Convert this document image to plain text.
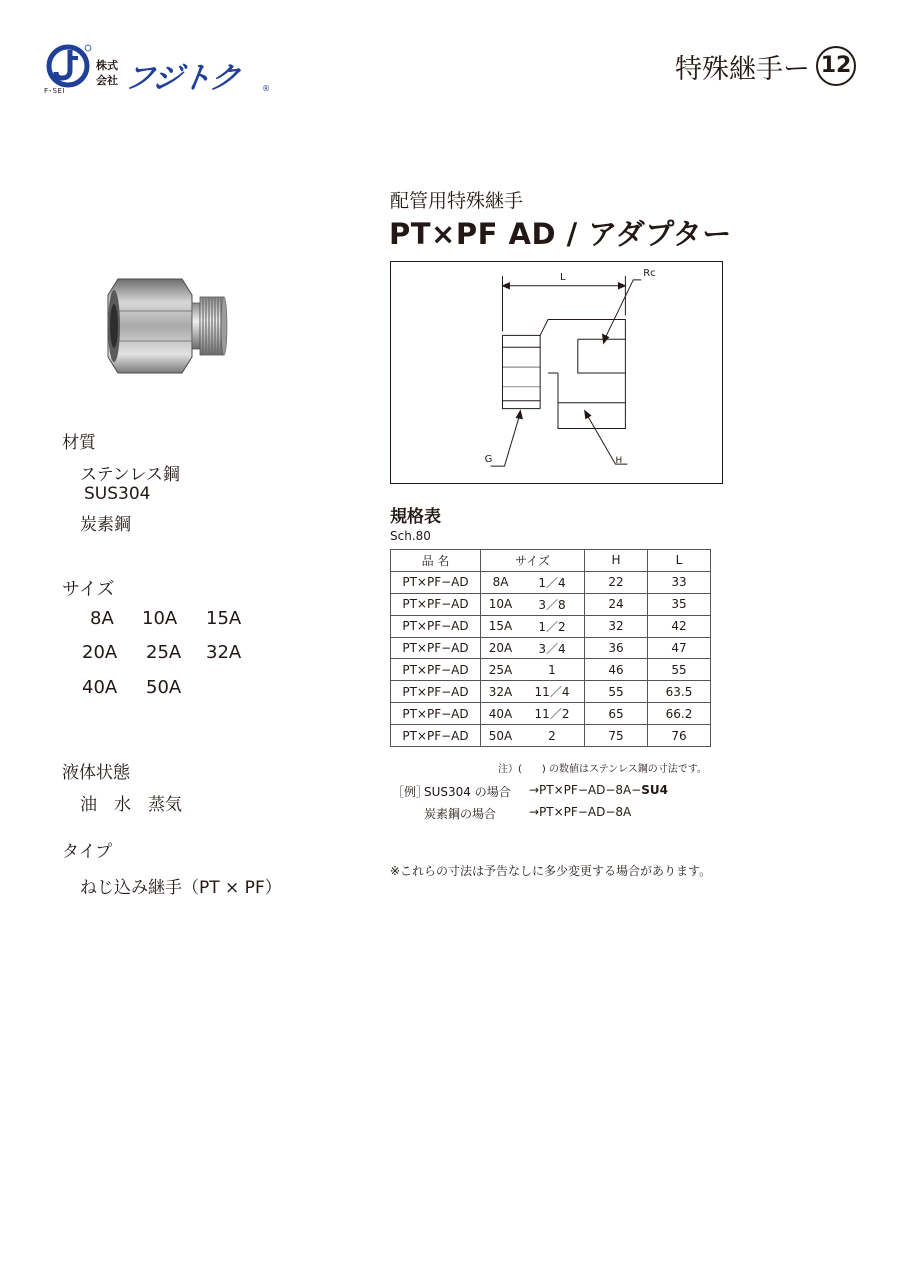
F･SEI
株式
会社 フジトク	®
特殊継手ー 12
配管用特殊継手
PT×PF AD / アダプター
材質
ステンレス鋼
SUS304
炭素鋼
サイズ
8A	10A	15A
20A	25A	32A
40A	50A
液体状態
油　水　蒸気
タイプ
ねじ込み継手（PT × PF）
L	Rc
G	H
規格表
Sch.80
品 名	サイズ		H	L
PT×PF−AD	8A	1／4	22	33
PT×PF−AD	10A	3／8	24	35
PT×PF−AD	15A	1／2	32	42
PT×PF−AD	20A	3／4	36	47
PT×PF−AD	25A	1	46	55
PT×PF−AD	32A	11／4	55	63.5
PT×PF−AD	40A	11／2	65	66.2
PT×PF−AD	50A	2	75	76
注）(　　) の数値はステンレス鋼の寸法です。
［例］
SUS304 の場合 →PT×PF−AD−8A−SU4
炭素鋼の場合	→PT×PF−AD−8A
※これらの寸法は予告なしに多少変更する場合があります。
